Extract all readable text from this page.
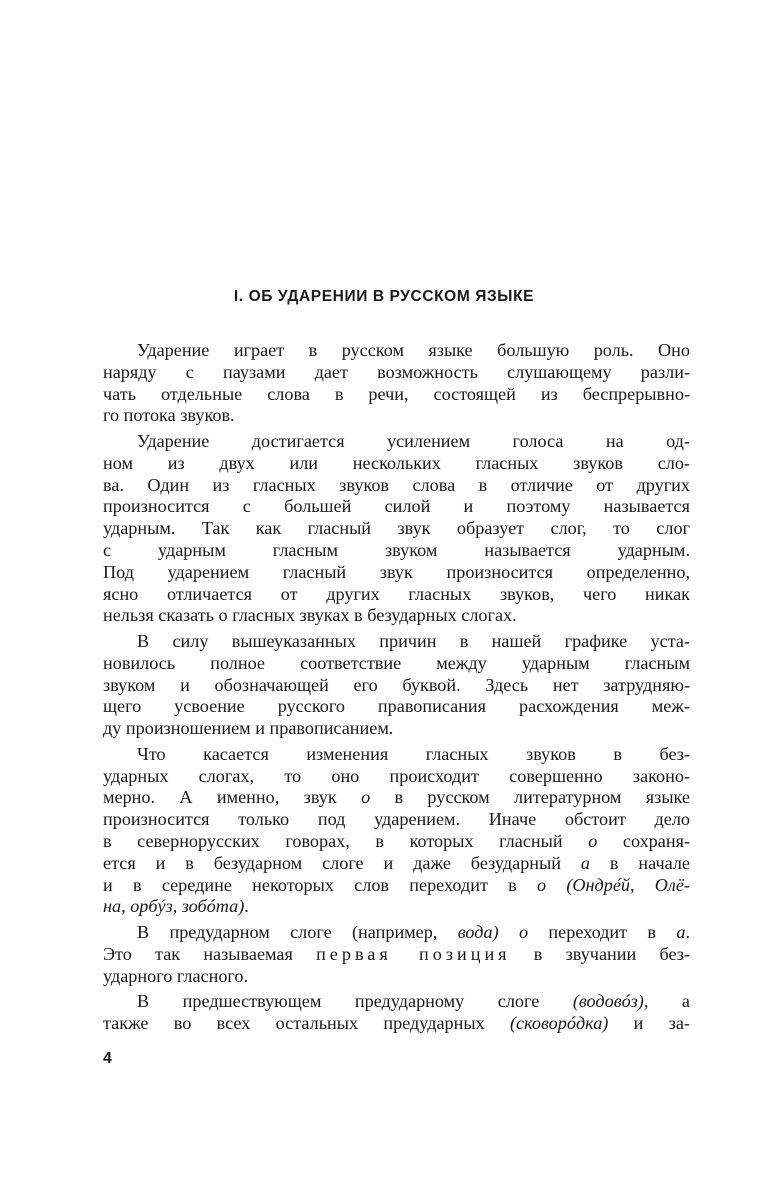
I. ОБ УДАРЕНИИ В РУССКОМ ЯЗЫКЕ
Ударение играет в русском языке большую роль. Оно
наряду с паузами дает возможность слушающему разли-
чать отдельные слова в речи, состоящей из беспрерывно-
го потока звуков.
Ударение достигается усилением голоса на од-
ном из двух или нескольких гласных звуков сло-
ва. Один из гласных звуков слова в отличие от других
произносится с большей силой и поэтому называется
ударным. Так как гласный звук образует слог, то слог
с ударным гласным звуком называется ударным.
Под ударением гласный звук произносится определенно,
ясно отличается от других гласных звуков, чего никак
нельзя сказать о гласных звуках в безударных слогах.
В силу вышеуказанных причин в нашей графике уста-
новилось полное соответствие между ударным гласным
звуком и обозначающей его буквой. Здесь нет затрудняю-
щего усвоение русского правописания расхождения меж-
ду произношением и правописанием.
Что касается изменения гласных звуков в без-
ударных слогах, то оно происходит совершенно законо-
мерно. А именно, звук о в русском литературном языке
произносится только под ударением. Иначе обстоит дело
в севернорусских говорах, в которых гласный о сохраня-
ется и в безударном слоге и даже безударный а в начале
и в середине некоторых слов переходит в о (Ондрéй, Олё-
на, орбýз, зобóта).
В предударном слоге (например, вода) о переходит в а.
Это так называемая первая позиция в звучании без-
ударного гласного.
В предшествующем предударному слоге (водовóз), а
также во всех остальных предударных (сковорóдка) и за-
4
